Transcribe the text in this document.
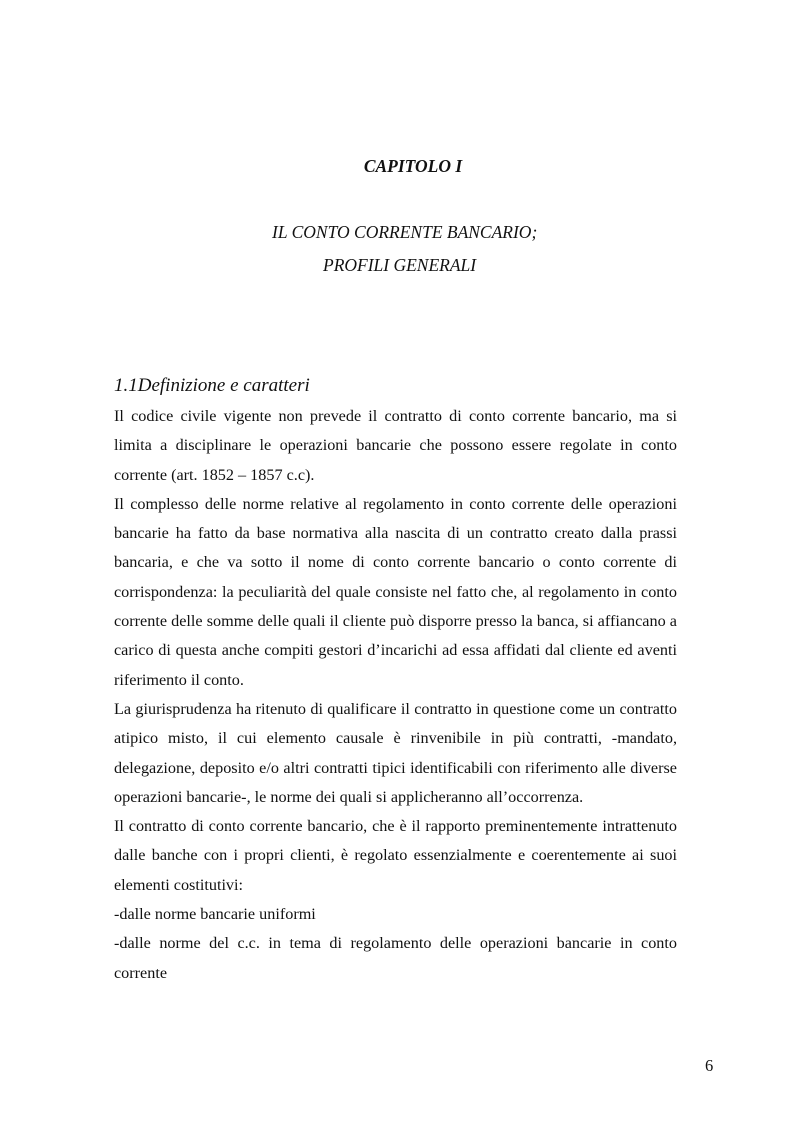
CAPITOLO I
IL CONTO CORRENTE BANCARIO;
PROFILI GENERALI
1.1Definizione e caratteri

Il codice civile vigente non prevede il contratto di conto corrente bancario, ma si limita a disciplinare le operazioni bancarie che possono essere regolate in conto corrente (art. 1852 – 1857 c.c).

Il complesso delle norme relative al regolamento in conto corrente delle operazioni bancarie ha fatto da base normativa alla nascita di un contratto creato dalla prassi bancaria, e che va sotto il nome di conto corrente bancario o conto corrente di corrispondenza: la peculiarità del quale consiste nel fatto che, al regolamento in conto corrente delle somme delle quali il cliente può disporre presso la banca, si affiancano a carico di questa anche compiti gestori d’incarichi ad essa affidati dal cliente ed aventi riferimento il conto.

La giurisprudenza ha ritenuto di qualificare il contratto in questione come un contratto atipico misto, il cui elemento causale è rinvenibile in più contratti, -mandato, delegazione, deposito e/o altri contratti tipici identificabili con riferimento alle diverse operazioni bancarie-, le norme dei quali si applicheranno all’occorrenza.

Il contratto di conto corrente bancario, che è il rapporto preminentemente intrattenuto dalle banche con i propri clienti, è regolato essenzialmente e coerentemente ai suoi elementi costitutivi:

-dalle norme bancarie uniformi

-dalle norme del c.c. in tema di regolamento delle operazioni bancarie in conto corrente

6
